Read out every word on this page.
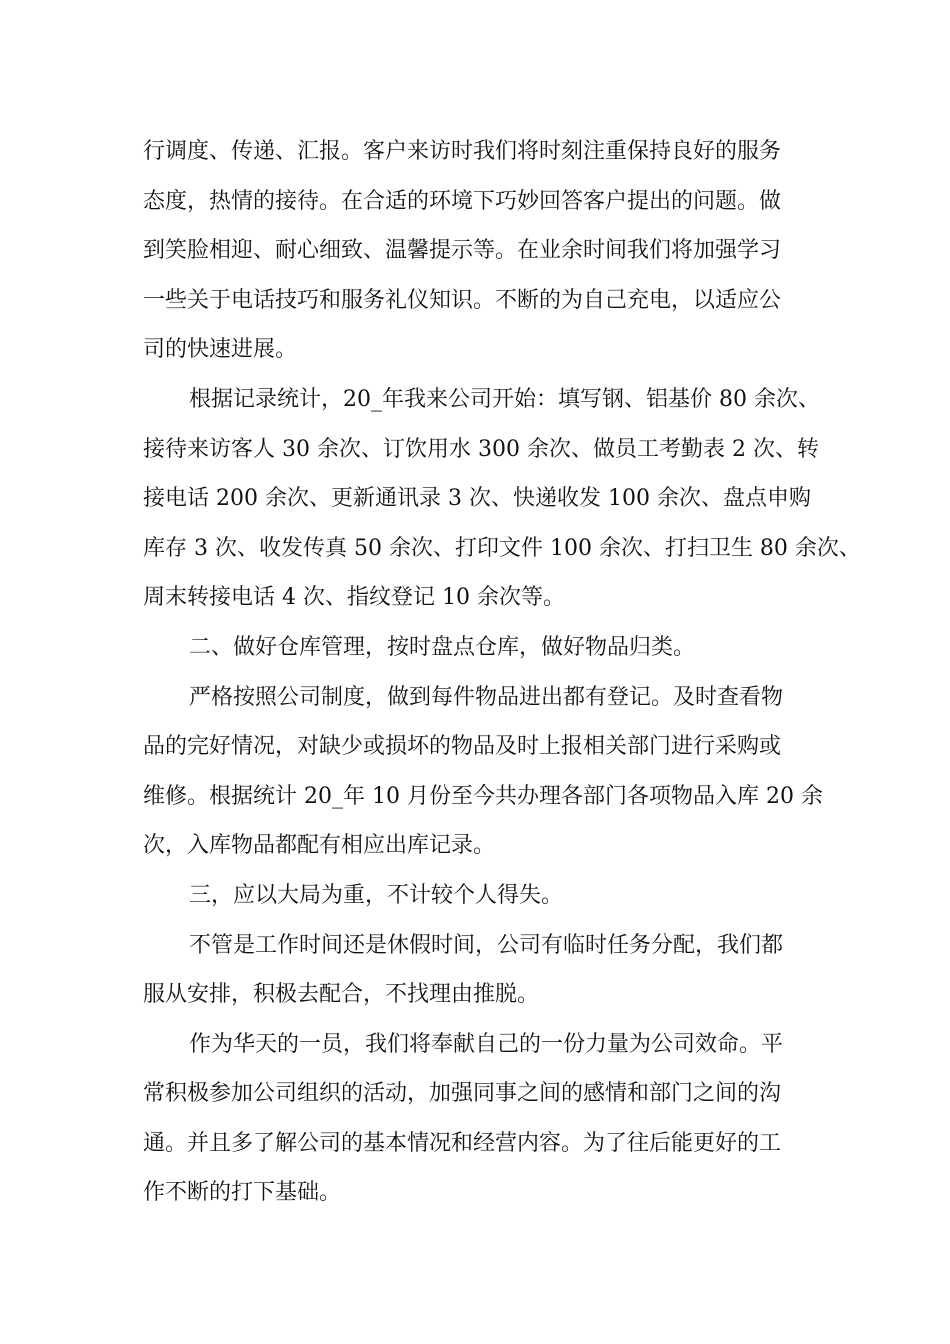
行调度、传递、汇报。客户来访时我们将时刻注重保持良好的服务

态度，热情的接待。在合适的环境下巧妙回答客户提出的问题。做

到笑脸相迎、耐心细致、温馨提示等。在业余时间我们将加强学习

一些关于电话技巧和服务礼仪知识。不断的为自己充电，以适应公

司的快速进展。

根据记录统计，20_年我来公司开始：填写钢、铝基价 80 余次、

接待来访客人 30 余次、订饮用水 300 余次、做员工考勤表 2 次、转

接电话 200 余次、更新通讯录 3 次、快递收发 100 余次、盘点申购

库存 3 次、收发传真 50 余次、打印文件 100 余次、打扫卫生 80 余次、

周末转接电话 4 次、指纹登记 10 余次等。

二、做好仓库管理，按时盘点仓库，做好物品归类。

严格按照公司制度，做到每件物品进出都有登记。及时查看物

品的完好情况，对缺少或损坏的物品及时上报相关部门进行采购或

维修。根据统计 20_年 10 月份至今共办理各部门各项物品入库 20 余

次，入库物品都配有相应出库记录。

三，应以大局为重，不计较个人得失。

不管是工作时间还是休假时间，公司有临时任务分配，我们都

服从安排，积极去配合，不找理由推脱。

作为华天的一员，我们将奉献自己的一份力量为公司效命。平

常积极参加公司组织的活动，加强同事之间的感情和部门之间的沟

通。并且多了解公司的基本情况和经营内容。为了往后能更好的工

作不断的打下基础。
